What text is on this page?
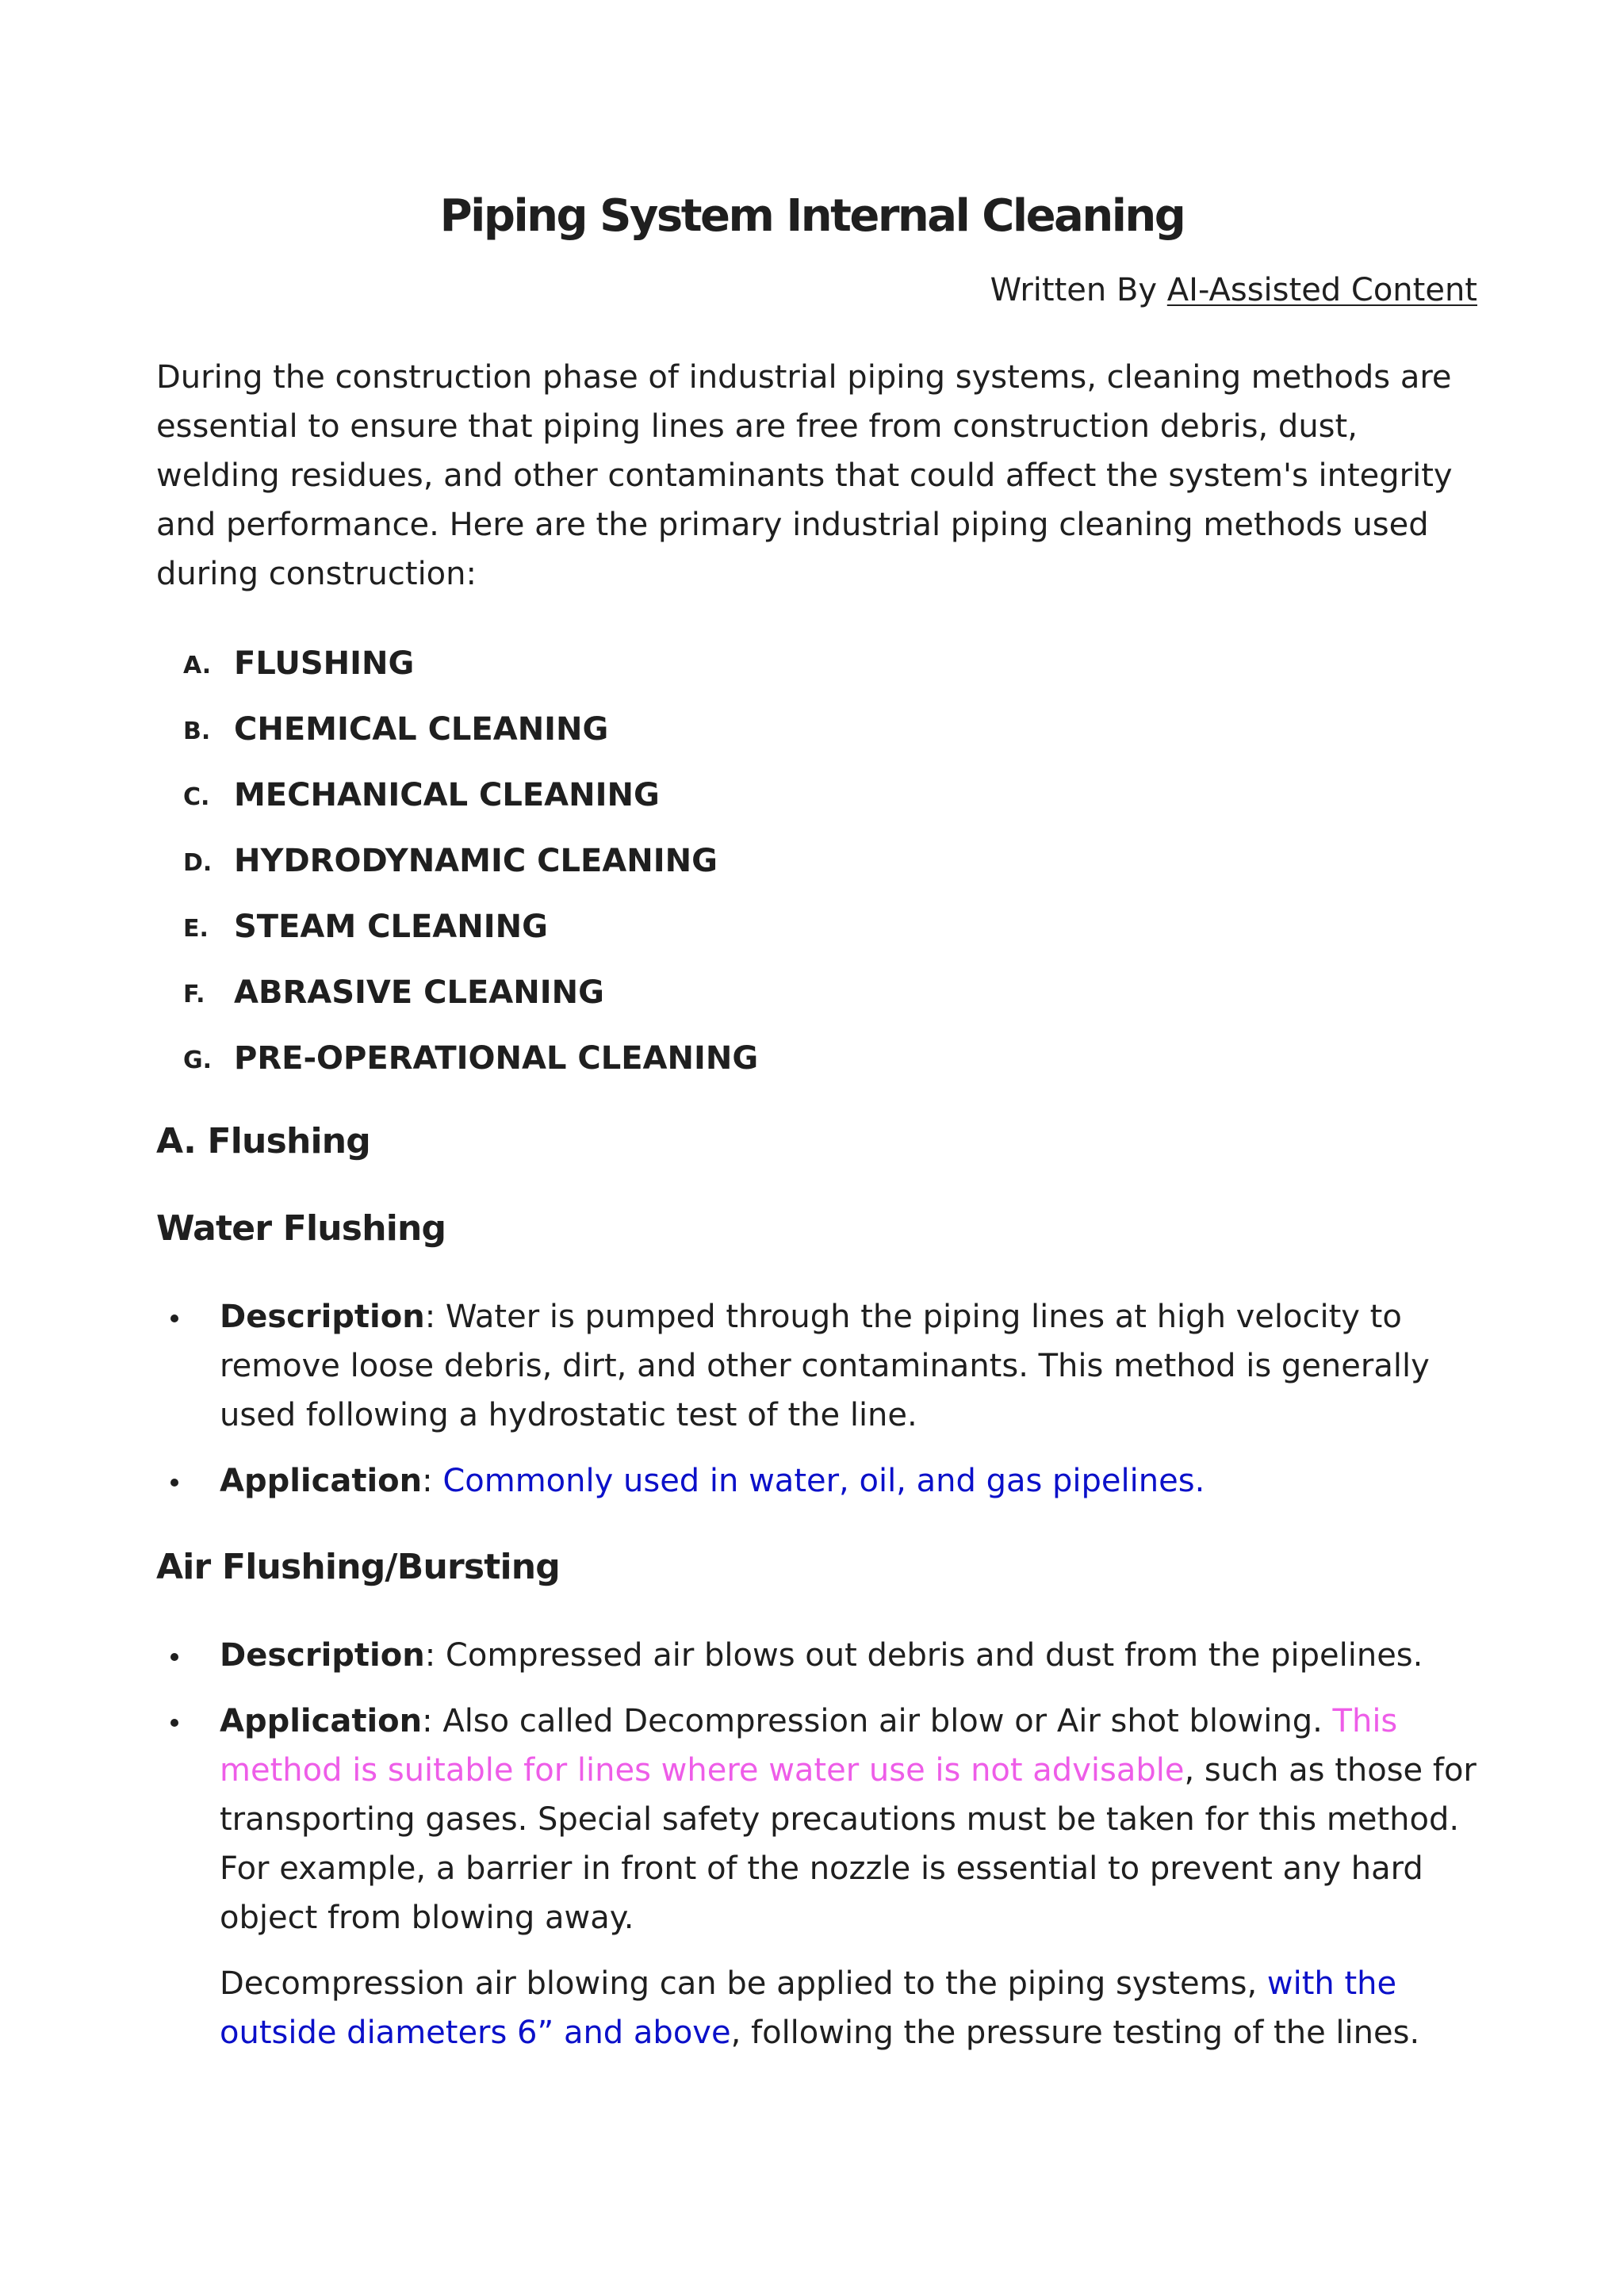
Piping System Internal Cleaning

Written By AI-Assisted Content

During the construction phase of industrial piping systems, cleaning methods are essential to ensure that piping lines are free from construction debris, dust, welding residues, and other contaminants that could affect the system's integrity and performance. Here are the primary industrial piping cleaning methods used during construction:

A. FLUSHING
B. CHEMICAL CLEANING
C. MECHANICAL CLEANING
D. HYDRODYNAMIC CLEANING
E. STEAM CLEANING
F. ABRASIVE CLEANING
G. PRE-OPERATIONAL CLEANING
A. Flushing
Water Flushing

Description: Water is pumped through the piping lines at high velocity to remove loose debris, dirt, and other contaminants. This method is generally used following a hydrostatic test of the line.

Application: Commonly used in water, oil, and gas pipelines.

Air Flushing/Bursting

Description: Compressed air blows out debris and dust from the pipelines.

Application: Also called Decompression air blow or Air shot blowing. This method is suitable for lines where water use is not advisable, such as those for transporting gases. Special safety precautions must be taken for this method. For example, a barrier in front of the nozzle is essential to prevent any hard object from blowing away.

Decompression air blowing can be applied to the piping systems, with the outside diameters 6” and above, following the pressure testing of the lines.
